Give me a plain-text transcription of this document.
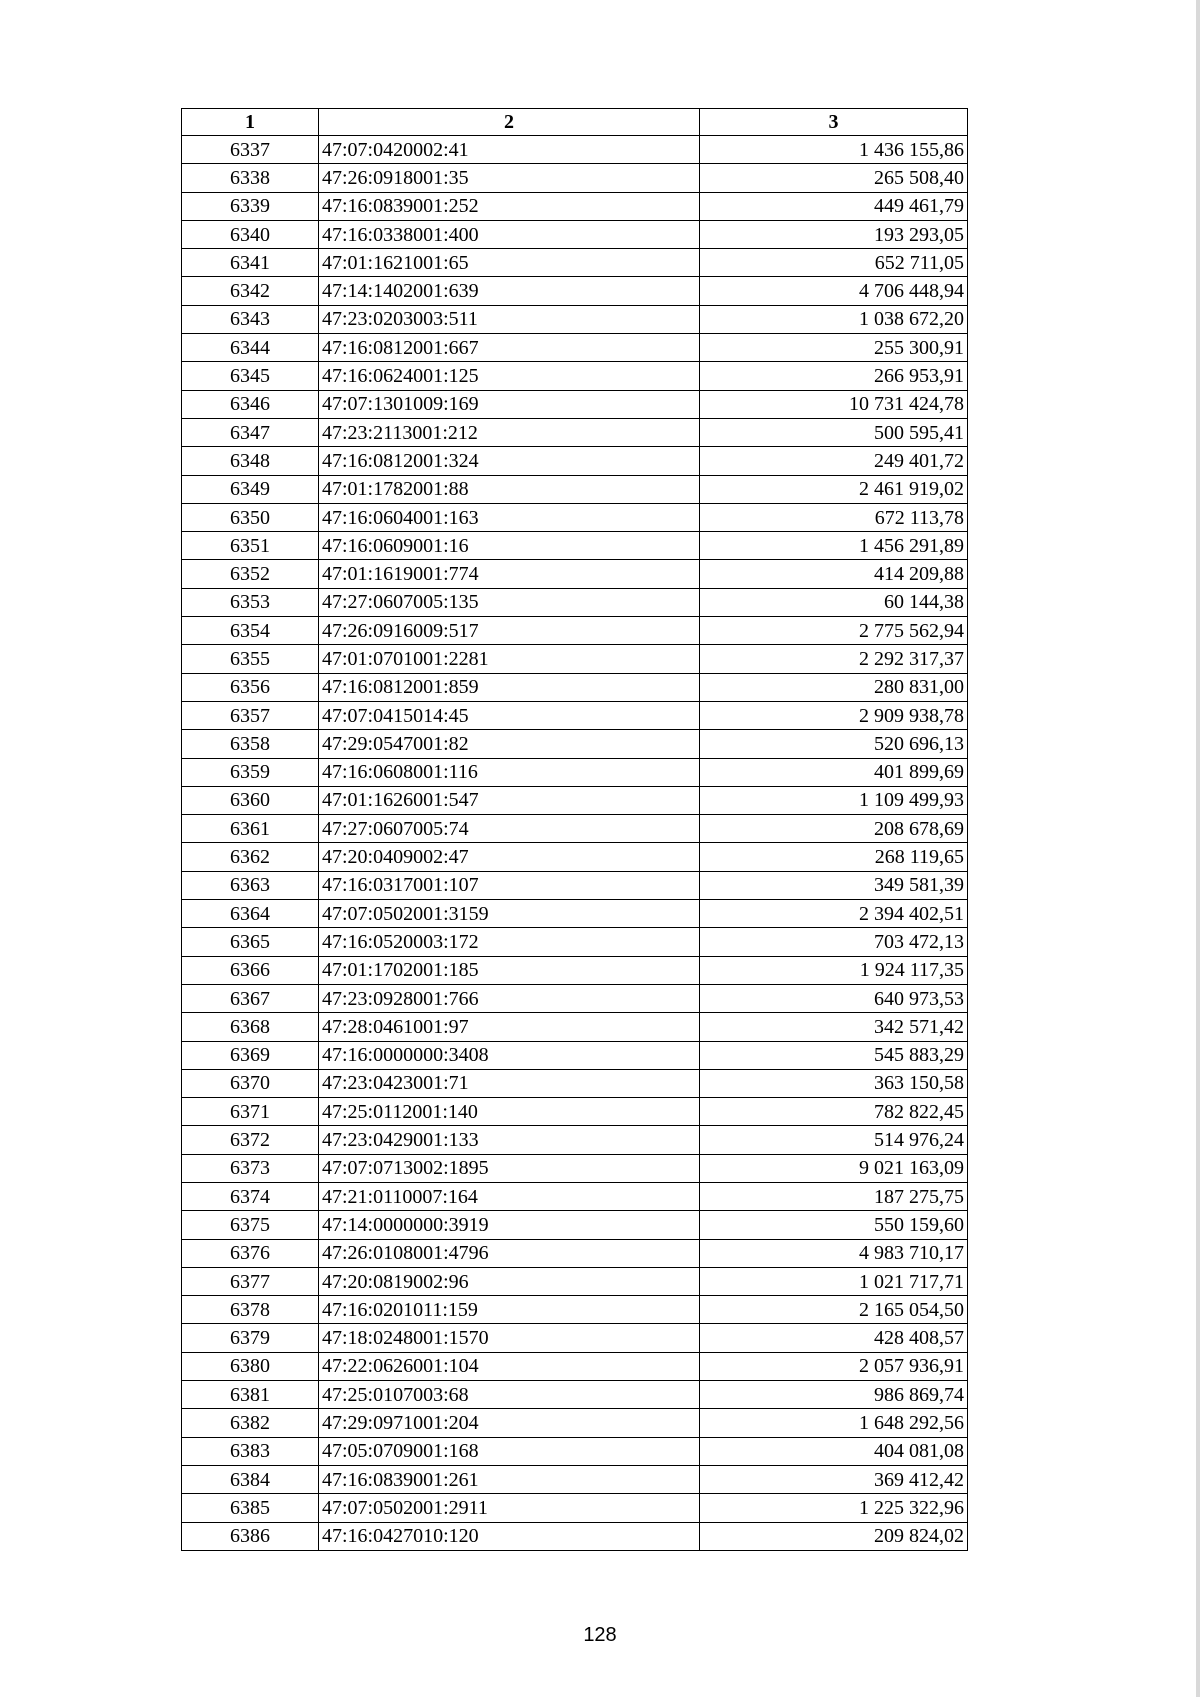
1	2	3
6337	47:07:0420002:41	1 436 155,86
6338	47:26:0918001:35	265 508,40
6339	47:16:0839001:252	449 461,79
6340	47:16:0338001:400	193 293,05
6341	47:01:1621001:65	652 711,05
6342	47:14:1402001:639	4 706 448,94
6343	47:23:0203003:511	1 038 672,20
6344	47:16:0812001:667	255 300,91
6345	47:16:0624001:125	266 953,91
6346	47:07:1301009:169	10 731 424,78
6347	47:23:2113001:212	500 595,41
6348	47:16:0812001:324	249 401,72
6349	47:01:1782001:88	2 461 919,02
6350	47:16:0604001:163	672 113,78
6351	47:16:0609001:16	1 456 291,89
6352	47:01:1619001:774	414 209,88
6353	47:27:0607005:135	60 144,38
6354	47:26:0916009:517	2 775 562,94
6355	47:01:0701001:2281	2 292 317,37
6356	47:16:0812001:859	280 831,00
6357	47:07:0415014:45	2 909 938,78
6358	47:29:0547001:82	520 696,13
6359	47:16:0608001:116	401 899,69
6360	47:01:1626001:547	1 109 499,93
6361	47:27:0607005:74	208 678,69
6362	47:20:0409002:47	268 119,65
6363	47:16:0317001:107	349 581,39
6364	47:07:0502001:3159	2 394 402,51
6365	47:16:0520003:172	703 472,13
6366	47:01:1702001:185	1 924 117,35
6367	47:23:0928001:766	640 973,53
6368	47:28:0461001:97	342 571,42
6369	47:16:0000000:3408	545 883,29
6370	47:23:0423001:71	363 150,58
6371	47:25:0112001:140	782 822,45
6372	47:23:0429001:133	514 976,24
6373	47:07:0713002:1895	9 021 163,09
6374	47:21:0110007:164	187 275,75
6375	47:14:0000000:3919	550 159,60
6376	47:26:0108001:4796	4 983 710,17
6377	47:20:0819002:96	1 021 717,71
6378	47:16:0201011:159	2 165 054,50
6379	47:18:0248001:1570	428 408,57
6380	47:22:0626001:104	2 057 936,91
6381	47:25:0107003:68	986 869,74
6382	47:29:0971001:204	1 648 292,56
6383	47:05:0709001:168	404 081,08
6384	47:16:0839001:261	369 412,42
6385	47:07:0502001:2911	1 225 322,96
6386	47:16:0427010:120	209 824,02
128
